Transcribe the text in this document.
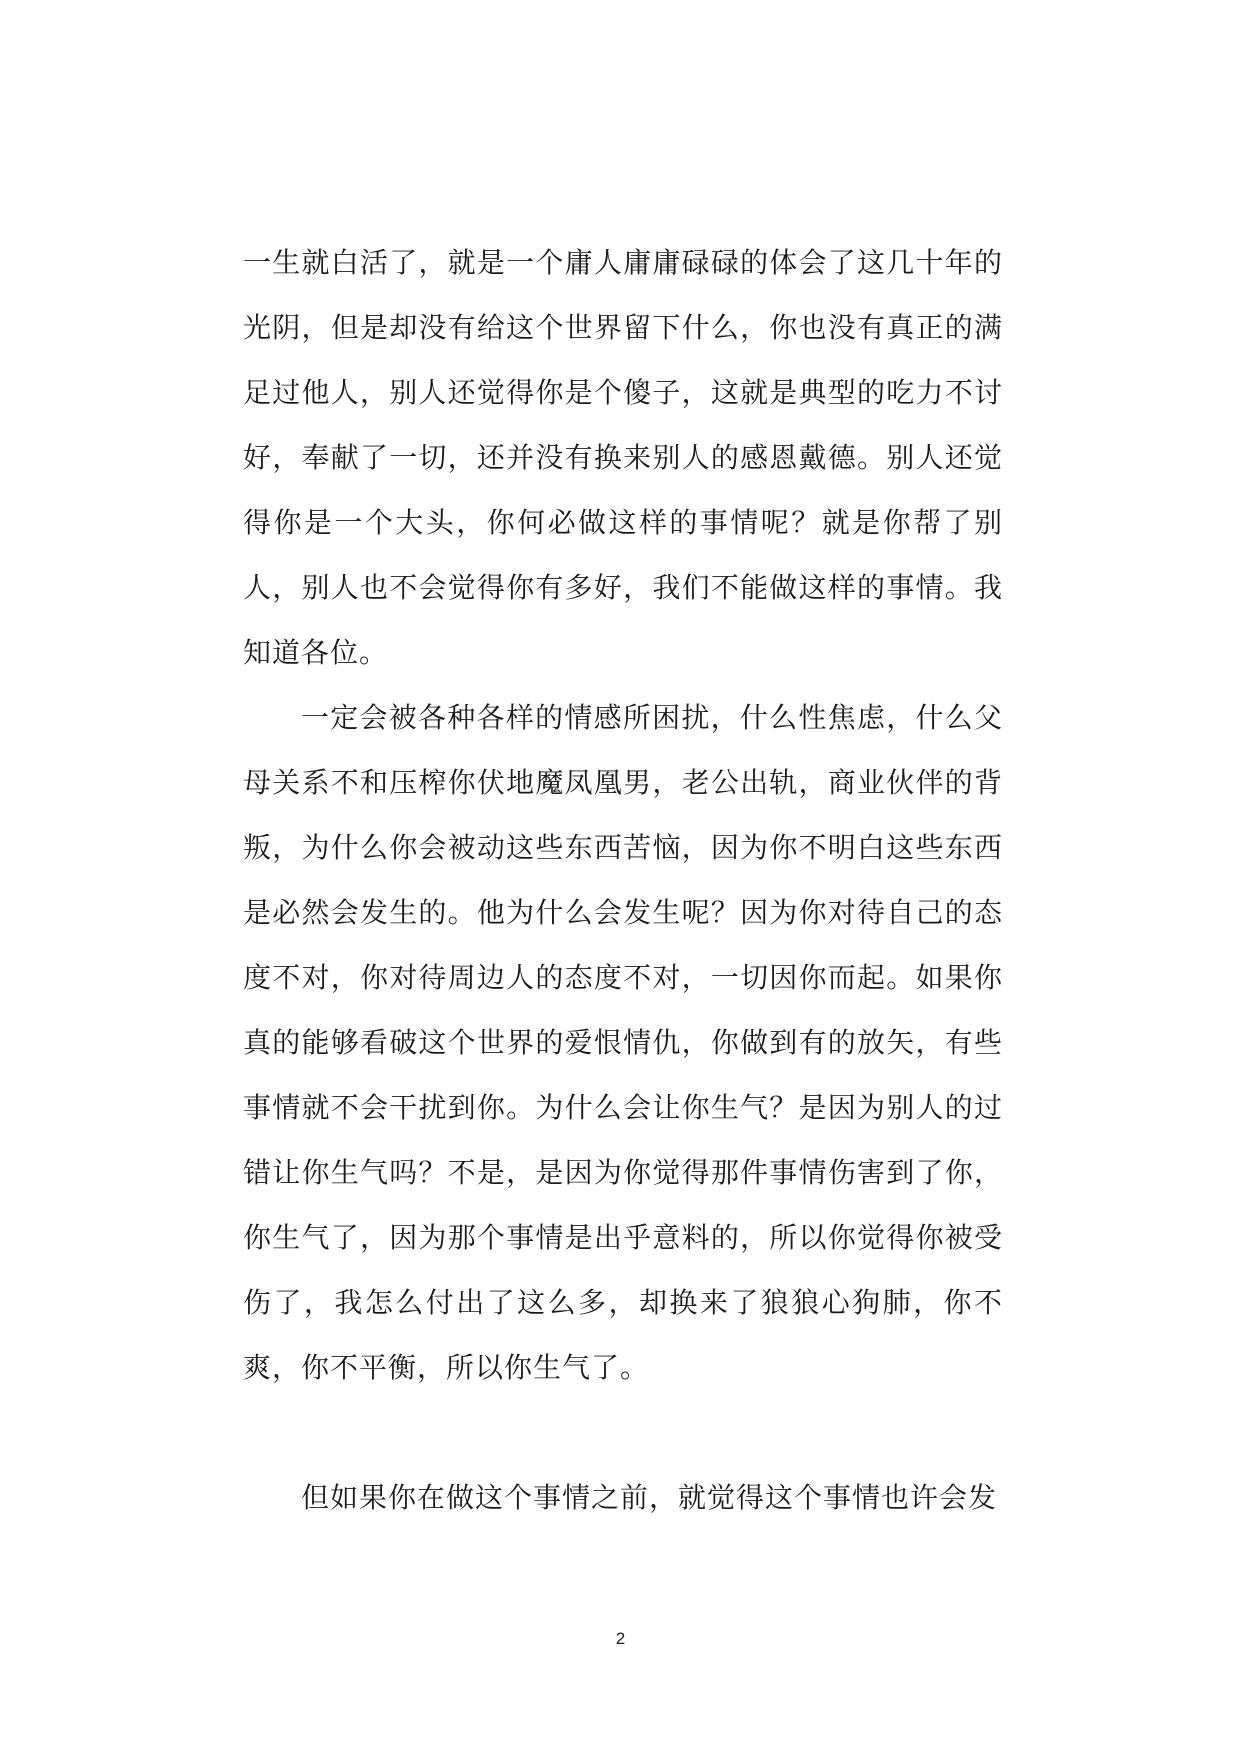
一生就白活了，就是一个庸人庸庸碌碌的体会了这几十年的光阴，但是却没有给这个世界留下什么，你也没有真正的满足过他人，别人还觉得你是个傻子，这就是典型的吃力不讨好，奉献了一切，还并没有换来别人的感恩戴德。别人还觉得你是一个大头，你何必做这样的事情呢？就是你帮了别人，别人也不会觉得你有多好，我们不能做这样的事情。我知道各位。

一定会被各种各样的情感所困扰，什么性焦虑，什么父母关系不和压榨你伏地魔凤凰男，老公出轨，商业伙伴的背叛，为什么你会被动这些东西苦恼，因为你不明白这些东西是必然会发生的。他为什么会发生呢？因为你对待自己的态度不对，你对待周边人的态度不对，一切因你而起。如果你真的能够看破这个世界的爱恨情仇，你做到有的放矢，有些事情就不会干扰到你。为什么会让你生气？是因为别人的过错让你生气吗？不是，是因为你觉得那件事情伤害到了你，你生气了，因为那个事情是出乎意料的，所以你觉得你被受伤了，我怎么付出了这么多，却换来了狼狼心狗肺，你不爽，你不平衡，所以你生气了。

但如果你在做这个事情之前，就觉得这个事情也许会发

2
